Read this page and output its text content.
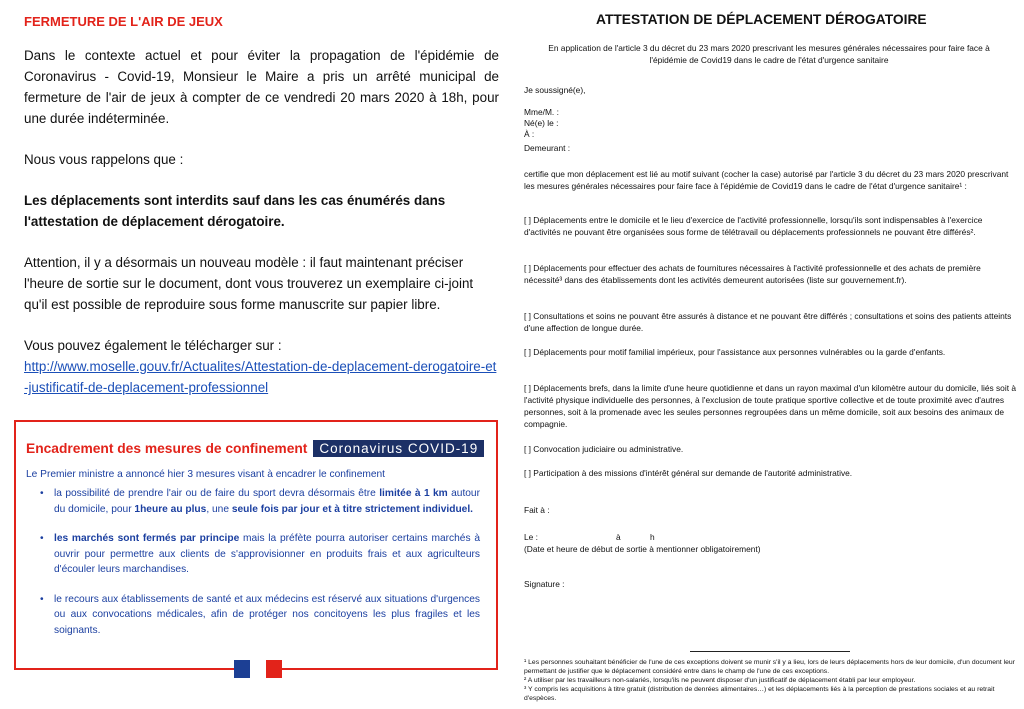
FERMETURE DE L'AIR DE JEUX

Dans le contexte actuel et pour éviter la propagation de l'épidémie de Coronavirus - Covid-19, Monsieur le Maire a pris un arrêté municipal de fermeture de l'air de jeux à compter de ce vendredi 20 mars 2020 à 18h, pour une durée indéterminée.

Nous vous rappelons que :

Les déplacements sont interdits sauf dans les cas énumérés dans l'attestation de déplacement dérogatoire.

Attention, il y a désormais un nouveau modèle : il faut maintenant préciser l'heure de sortie sur le document, dont vous trouverez un exemplaire ci-joint qu'il est possible de reproduire sous forme manuscrite sur papier libre.

Vous pouvez également le télécharger sur :

http://www.moselle.gouv.fr/Actualites/Attestation-de-deplacement-derogatoire-et-justificatif-de-deplacement-professionnel
Encadrement des mesures de confinement Coronavirus COVID-19
Le Premier ministre a annoncé hier 3 mesures visant à encadrer le confinement
• la possibilité de prendre l'air ou de faire du sport devra désormais être limitée à 1 km autour du domicile, pour 1heure au plus, une seule fois par jour et à titre strictement individuel.
• les marchés sont fermés par principe mais la préfète pourra autoriser certains marchés à ouvrir pour permettre aux clients de s'approvisionner en produits frais et aux agriculteurs d'écouler leurs marchandises.
• le recours aux établissements de santé et aux médecins est réservé aux situations d'urgences ou aux convocations médicales, afin de protéger nos concitoyens les plus fragiles et les soignants.
ATTESTATION DE DÉPLACEMENT DÉROGATOIRE
En application de l'article 3 du décret du 23 mars 2020 prescrivant les mesures générales nécessaires pour faire face à l'épidémie de Covid19 dans le cadre de l'état d'urgence sanitaire
Je soussigné(e),
Mme/M. :
Né(e) le :
À :
Demeurant :
certifie que mon déplacement est lié au motif suivant (cocher la case) autorisé par l'article 3 du décret du 23 mars 2020 prescrivant les mesures générales nécessaires pour faire face à l'épidémie de Covid19 dans le cadre de l'état d'urgence sanitaire¹ :
[ ] Déplacements entre le domicile et le lieu d'exercice de l'activité professionnelle, lorsqu'ils sont indispensables à l'exercice d'activités ne pouvant être organisées sous forme de télétravail ou déplacements professionnels ne pouvant être différés².
[ ] Déplacements pour effectuer des achats de fournitures nécessaires à l'activité professionnelle et des achats de première nécessité³ dans des établissements dont les activités demeurent autorisées (liste sur gouvernement.fr).
[ ] Consultations et soins ne pouvant être assurés à distance et ne pouvant être différés ; consultations et soins des patients atteints d'une affection de longue durée.
[ ] Déplacements pour motif familial impérieux, pour l'assistance aux personnes vulnérables ou la garde d'enfants.
[ ] Déplacements brefs, dans la limite d'une heure quotidienne et dans un rayon maximal d'un kilomètre autour du domicile, liés soit à l'activité physique individuelle des personnes, à l'exclusion de toute pratique sportive collective et de toute proximité avec d'autres personnes, soit à la promenade avec les seules personnes regroupées dans un même domicile, soit aux besoins des animaux de compagnie.
[ ] Convocation judiciaire ou administrative.
[ ] Participation à des missions d'intérêt général sur demande de l'autorité administrative.
Fait à :
Le :	à	h
(Date et heure de début de sortie à mentionner obligatoirement)
Signature :
¹ Les personnes souhaitant bénéficier de l'une de ces exceptions doivent se munir s'il y a lieu, lors de leurs déplacements hors de leur domicile, d'un document leur permettant de justifier que le déplacement considéré entre dans le champ de l'une de ces exceptions.
² A utiliser par les travailleurs non-salariés, lorsqu'ils ne peuvent disposer d'un justificatif de déplacement établi par leur employeur.
³ Y compris les acquisitions à titre gratuit (distribution de denrées alimentaires…) et les déplacements liés à la perception de prestations sociales et au retrait d'espèces.
